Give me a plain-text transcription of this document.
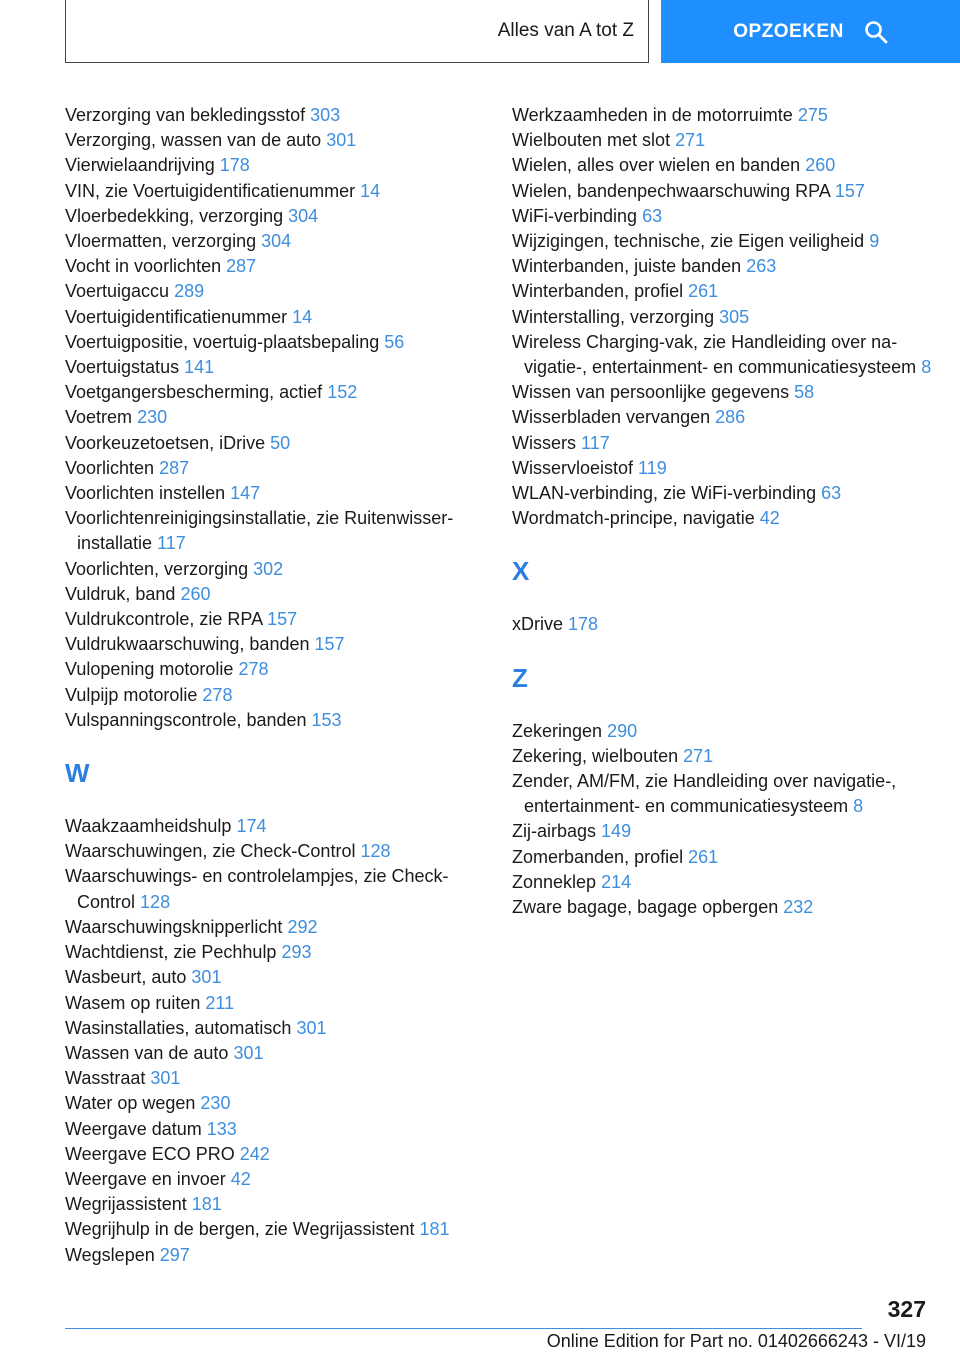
Alles van A tot Z	OPZOEKEN

Verzorging van bekledingsstof 303

Verzorging, wassen van de auto 301

Vierwielaandrijving 178

VIN, zie Voertuigidentificatienummer 14

Vloerbedekking, verzorging 304

Vloermatten, verzorging 304

Vocht in voorlichten 287

Voertuigaccu 289

Voertuigidentificatienummer 14

Voertuigpositie, voertuig-plaatsbepaling 56

Voertuigstatus 141

Voetgangersbescherming, actief 152

Voetrem 230

Voorkeuzetoetsen, iDrive 50

Voorlichten 287

Voorlichten instellen 147

Voorlichtenreinigingsinstallatie, zie Ruitenwisserinstallatie 117

Voorlichten, verzorging 302

Vuldruk, band 260

Vuldrukcontrole, zie RPA 157

Vuldrukwaarschuwing, banden 157

Vulopening motorolie 278

Vulpijp motorolie 278

Vulspanningscontrole, banden 153

W

Waakzaamheidshulp 174

Waarschuwingen, zie Check-Control 128

Waarschuwings- en controlelampjes, zie Check-Control 128

Waarschuwingsknipperlicht 292

Wachtdienst, zie Pechhulp 293

Wasbeurt, auto 301

Wasem op ruiten 211

Wasinstallaties, automatisch 301

Wassen van de auto 301

Wasstraat 301

Water op wegen 230

Weergave datum 133

Weergave ECO PRO 242

Weergave en invoer 42

Wegrijassistent 181

Wegrijhulp in de bergen, zie Wegrijassistent 181

Wegslepen 297

Werkzaamheden in de motorruimte 275

Wielbouten met slot 271

Wielen, alles over wielen en banden 260

Wielen, bandenpechwaarschuwing RPA 157

WiFi-verbinding 63

Wijzigingen, technische, zie Eigen veiligheid 9

Winterbanden, juiste banden 263

Winterbanden, profiel 261

Winterstalling, verzorging 305

Wireless Charging-vak, zie Handleiding over navigatie-, entertainment- en communicatiesysteem 8

Wissen van persoonlijke gegevens 58

Wisserbladen vervangen 286

Wissers 117

Wisservloeistof 119

WLAN-verbinding, zie WiFi-verbinding 63

Wordmatch-principe, navigatie 42

X

xDrive 178

Z

Zekeringen 290

Zekering, wielbouten 271

Zender, AM/FM, zie Handleiding over navigatie-, entertainment- en communicatiesysteem 8

Zij-airbags 149

Zomerbanden, profiel 261

Zonneklep 214

Zware bagage, bagage opbergen 232

327
Online Edition for Part no. 01402666243 - VI/19
